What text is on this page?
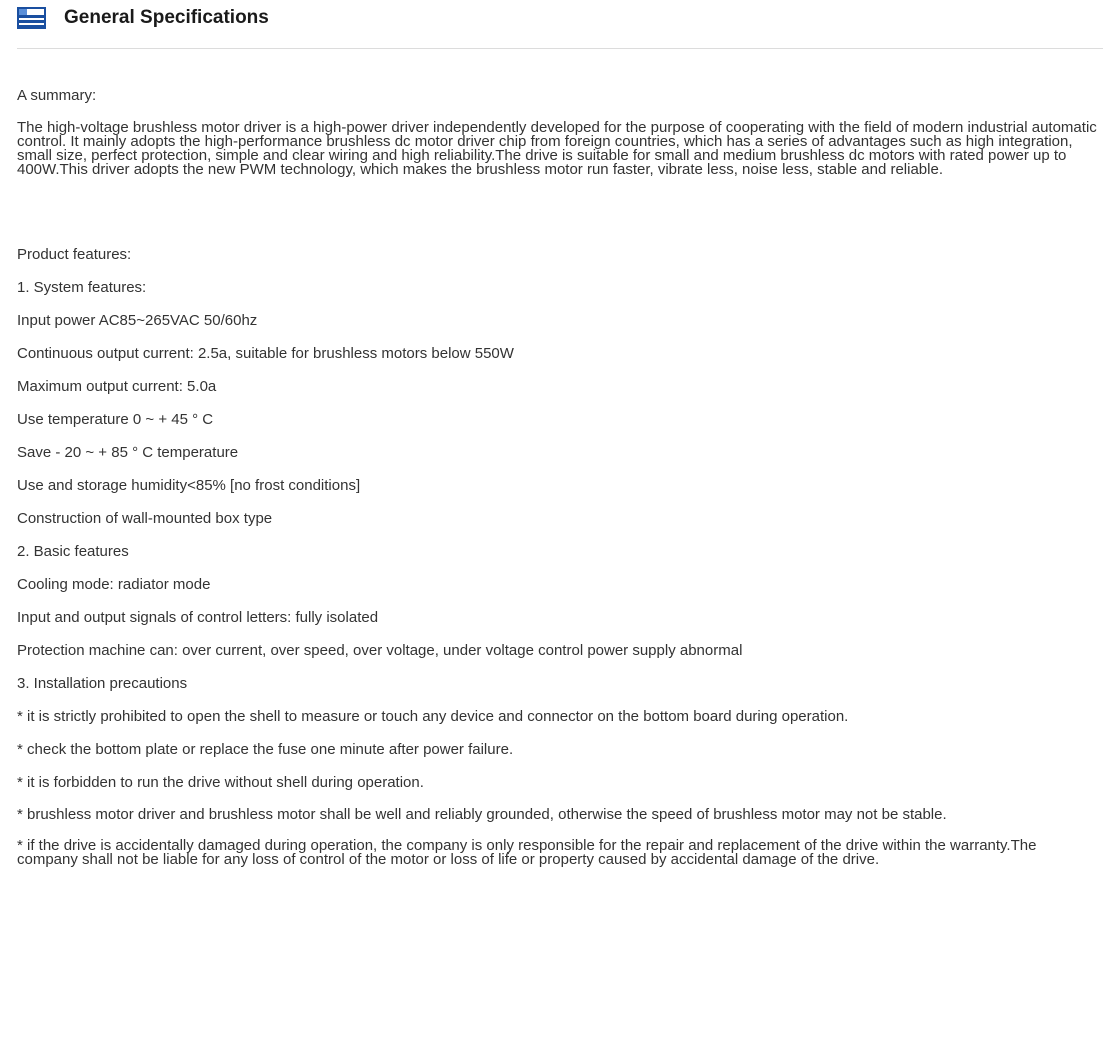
General Specifications

A summary:

The high-voltage brushless motor driver is a high-power driver independently developed for the purpose of cooperating with the field of modern industrial automatic control. It mainly adopts the high-performance brushless dc motor driver chip from foreign countries, which has a series of advantages such as high integration, small size, perfect protection, simple and clear wiring and high reliability.The drive is suitable for small and medium brushless dc motors with rated power up to 400W.This driver adopts the new PWM technology, which makes the brushless motor run faster, vibrate less, noise less, stable and reliable.

Product features:

1. System features:

Input power AC85~265VAC 50/60hz

Continuous output current: 2.5a, suitable for brushless motors below 550W

Maximum output current: 5.0a

Use temperature 0 ~ + 45 ° C

Save - 20 ~ + 85 ° C temperature

Use and storage humidity<85% [no frost conditions]

Construction of wall-mounted box type

2. Basic features

Cooling mode: radiator mode

Input and output signals of control letters: fully isolated

Protection machine can: over current, over speed, over voltage, under voltage control power supply abnormal

3. Installation precautions

* it is strictly prohibited to open the shell to measure or touch any device and connector on the bottom board during operation.

* check the bottom plate or replace the fuse one minute after power failure.

* it is forbidden to run the drive without shell during operation.

* brushless motor driver and brushless motor shall be well and reliably grounded, otherwise the speed of brushless motor may not be stable.

* if the drive is accidentally damaged during operation, the company is only responsible for the repair and replacement of the drive within the warranty.The company shall not be liable for any loss of control of the motor or loss of life or property caused by accidental damage of the drive.
